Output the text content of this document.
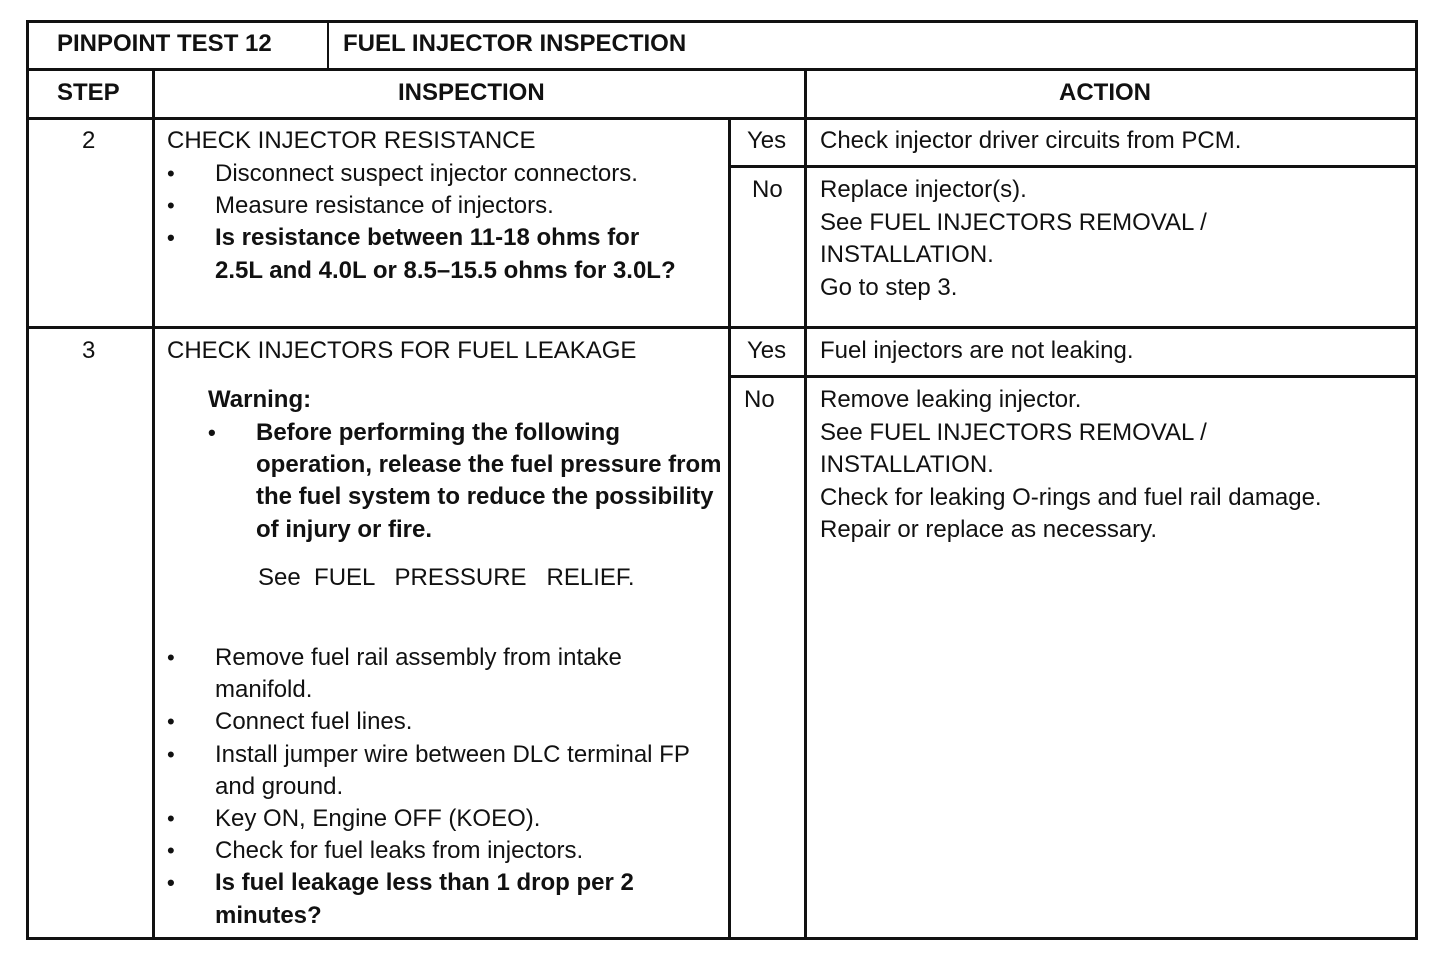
PINPOINT TEST 12	FUEL INJECTOR INSPECTION
STEP	INSPECTION	ACTION
2	CHECK INJECTOR RESISTANCE
• Disconnect suspect injector connectors.
• Measure resistance of injectors.
• Is resistance between 11-18 ohms for 2.5L and 4.0L or 8.5–15.5 ohms for 3.0L?
Yes Check injector driver circuits from PCM.
No Replace injector(s).
See FUEL INJECTORS REMOVAL /
INSTALLATION.
Go to step 3.
3	CHECK INJECTORS FOR FUEL LEAKAGE
Warning:
• Before performing the following operation, release the fuel pressure from the fuel system to reduce the possibility of injury or fire.
See  FUEL   PRESSURE   RELIEF.
• Remove fuel rail assembly from intake manifold.
• Connect fuel lines.
• Install jumper wire between DLC terminal FP and ground.
• Key ON, Engine OFF (KOEO).
• Check for fuel leaks from injectors.
• Is fuel leakage less than 1 drop per 2 minutes?
Yes Fuel injectors are not leaking.
No Remove leaking injector.
See FUEL INJECTORS REMOVAL /
INSTALLATION.
Check for leaking O-rings and fuel rail damage.
Repair or replace as necessary.
